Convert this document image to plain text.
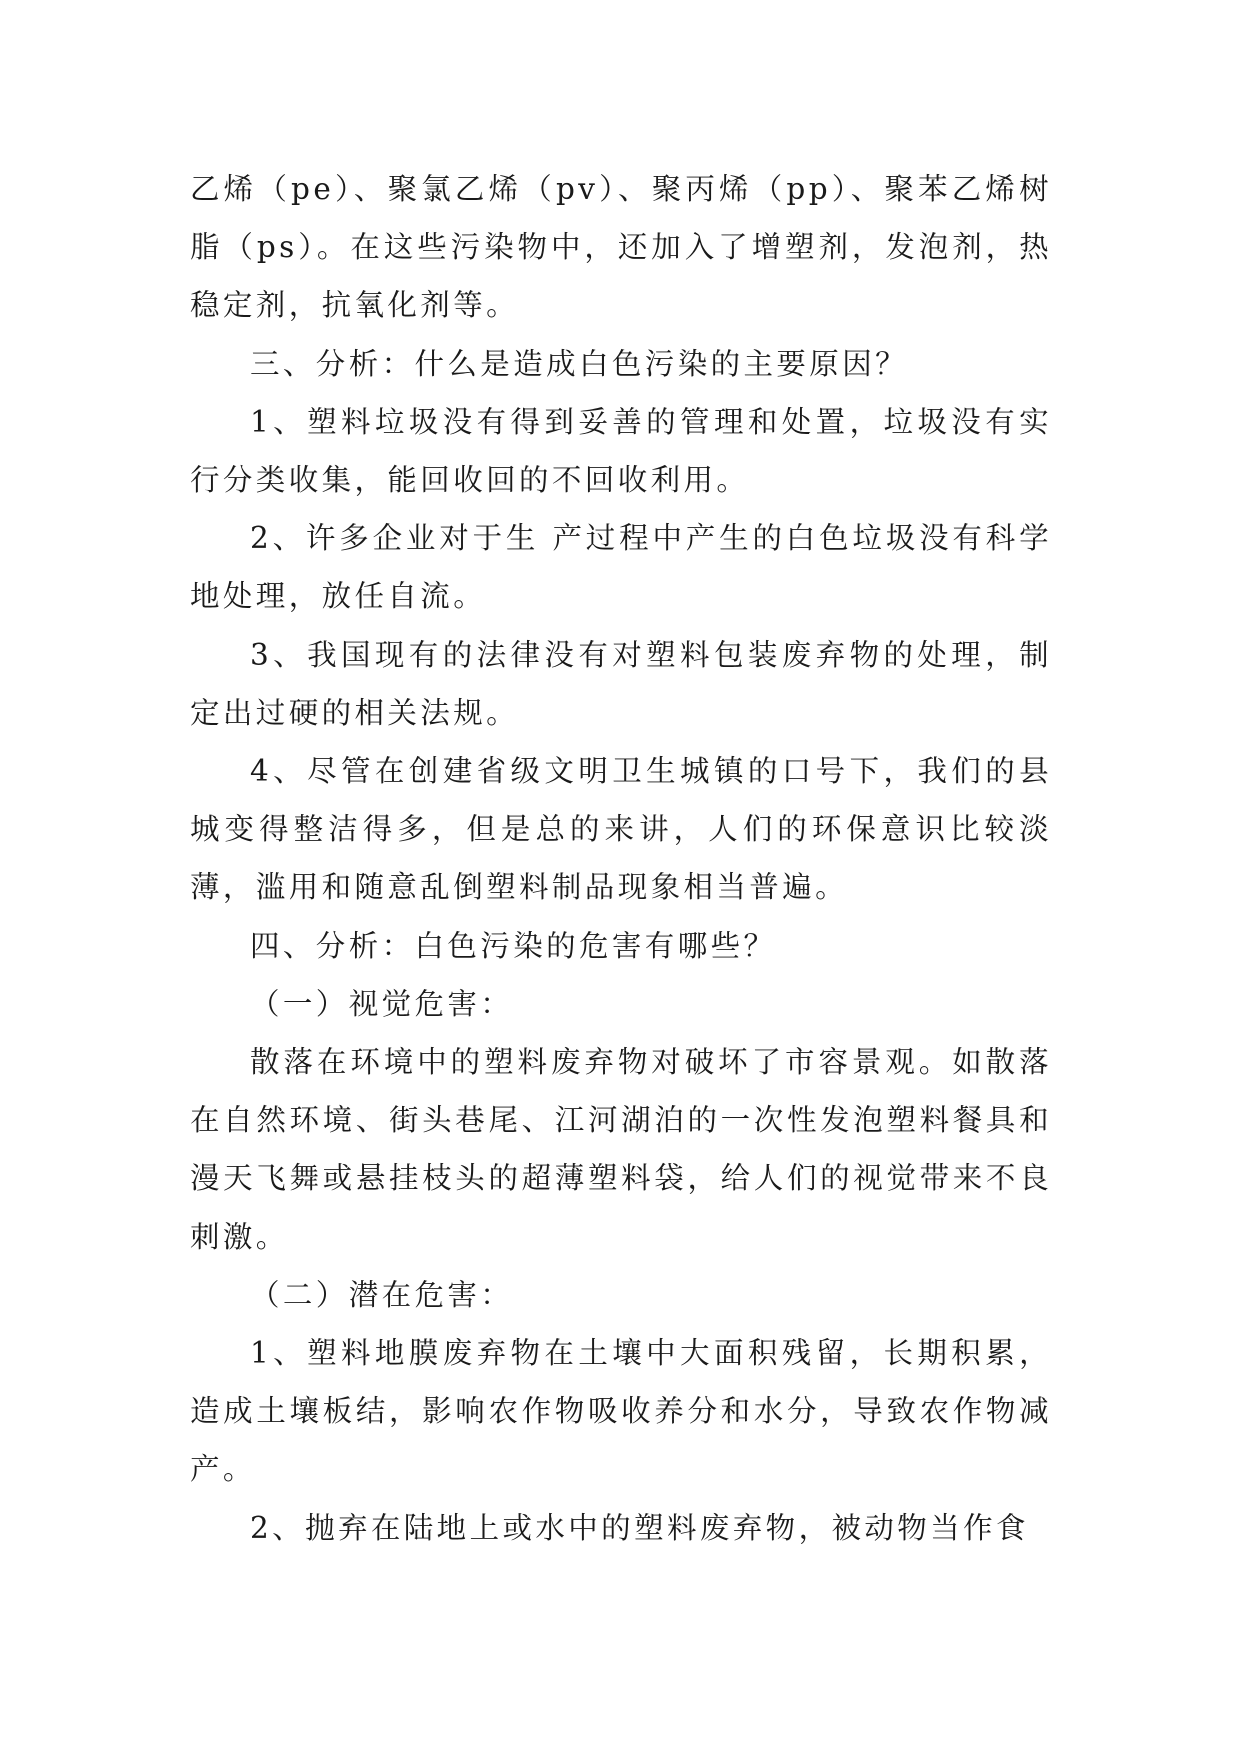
乙烯（pe）、聚氯乙烯（pv）、聚丙烯（pp）、聚苯乙烯树脂（ps）。在这些污染物中，还加入了增塑剂，发泡剂，热稳定剂，抗氧化剂等。

三、分析：什么是造成白色污染的主要原因？

1、塑料垃圾没有得到妥善的管理和处置，垃圾没有实行分类收集，能回收回的不回收利用。

2、许多企业对于生 产过程中产生的白色垃圾没有科学地处理，放任自流。

3、我国现有的法律没有对塑料包装废弃物的处理，制定出过硬的相关法规。

4、尽管在创建省级文明卫生城镇的口号下，我们的县城变得整洁得多，但是总的来讲，人们的环保意识比较淡薄，滥用和随意乱倒塑料制品现象相当普遍。

四、分析：白色污染的危害有哪些？

（一）视觉危害：

散落在环境中的塑料废弃物对破坏了市容景观。如散落在自然环境、街头巷尾、江河湖泊的一次性发泡塑料餐具和漫天飞舞或悬挂枝头的超薄塑料袋，给人们的视觉带来不良刺激。

（二）潜在危害：

1、塑料地膜废弃物在土壤中大面积残留，长期积累，造成土壤板结，影响农作物吸收养分和水分，导致农作物减产。

2、抛弃在陆地上或水中的塑料废弃物，被动物当作食
